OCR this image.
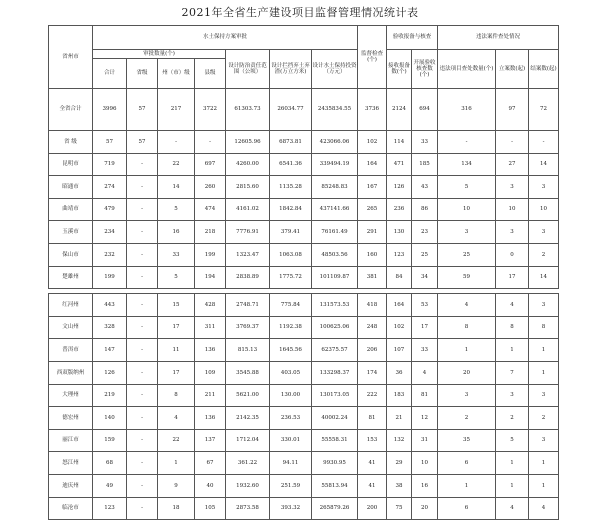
2021年全省生产建设项目监督管理情况统计表
省州市	水土保持方案审批							监督检查(个)	验收报备与核查		违法案件查处情况		
	审批数量(个)				设计防治责任范围（公顷）	设计拦挡弃土弃渣(万立方米)	设计水土保持投资（万元）		接收报备数(个)	开展验收核查数(个)	违法项目查处数量(个)	立案数(起)	结案数(起)
	合计	省级	州（市）级	县级									
全省合计	3996	57	217	3722	61303.73	26034.77	2435834.55	3736	2124	694	316	97	72
省 级	57	57	-	-	12605.96	6873.81	423066.06	102	114	33	-	-	-
昆明市	719	-	22	697	4260.00	6541.36	339494.19	164	471	185	134	27	14
昭通市	274	-	14	260	2815.60	1135.28	85248.83	167	126	43	5	3	3
曲靖市	479	-	5	474	4161.02	1842.84	437141.66	265	236	86	10	10	10
玉溪市	234	-	16	218	7776.91	379.41	76161.49	291	130	23	3	3	3
保山市	232	-	33	199	1323.47	1063.08	48503.56	160	123	25	25	0	2
楚雄州	199	-	5	194	2838.89	1775.72	101109.87	381	84	34	59	17	14

红河州	443	-	15	428	2748.71	775.84	131573.53	418	164	53	4	4	3
文山州	328	-	17	311	3769.37	1192.38	100625.06	248	102	17	8	8	8
普洱市	147	-	11	136	815.13	1645.56	62375.57	206	107	33	1	1	1
西双版纳州	126	-	17	109	3545.88	403.05	133298.37	174	36	4	20	7	1
大理州	219	-	8	211	5621.00	130.00	130173.05	222	183	81	3	3	3
德宏州	140	-	4	136	2142.35	236.53	40002.24	81	21	12	2	2	2
丽江市	159	-	22	137	1712.04	330.01	55558.31	153	132	31	35	5	3
怒江州	68	-	1	67	361.22	94.11	9930.95	41	29	10	6	1	1
迪庆州	49	-	9	40	1932.60	251.59	55813.94	41	38	16	1	1	1
临沧市	123	-	18	105	2873.58	393.32	265879.26	200	75	20	6	4	4
